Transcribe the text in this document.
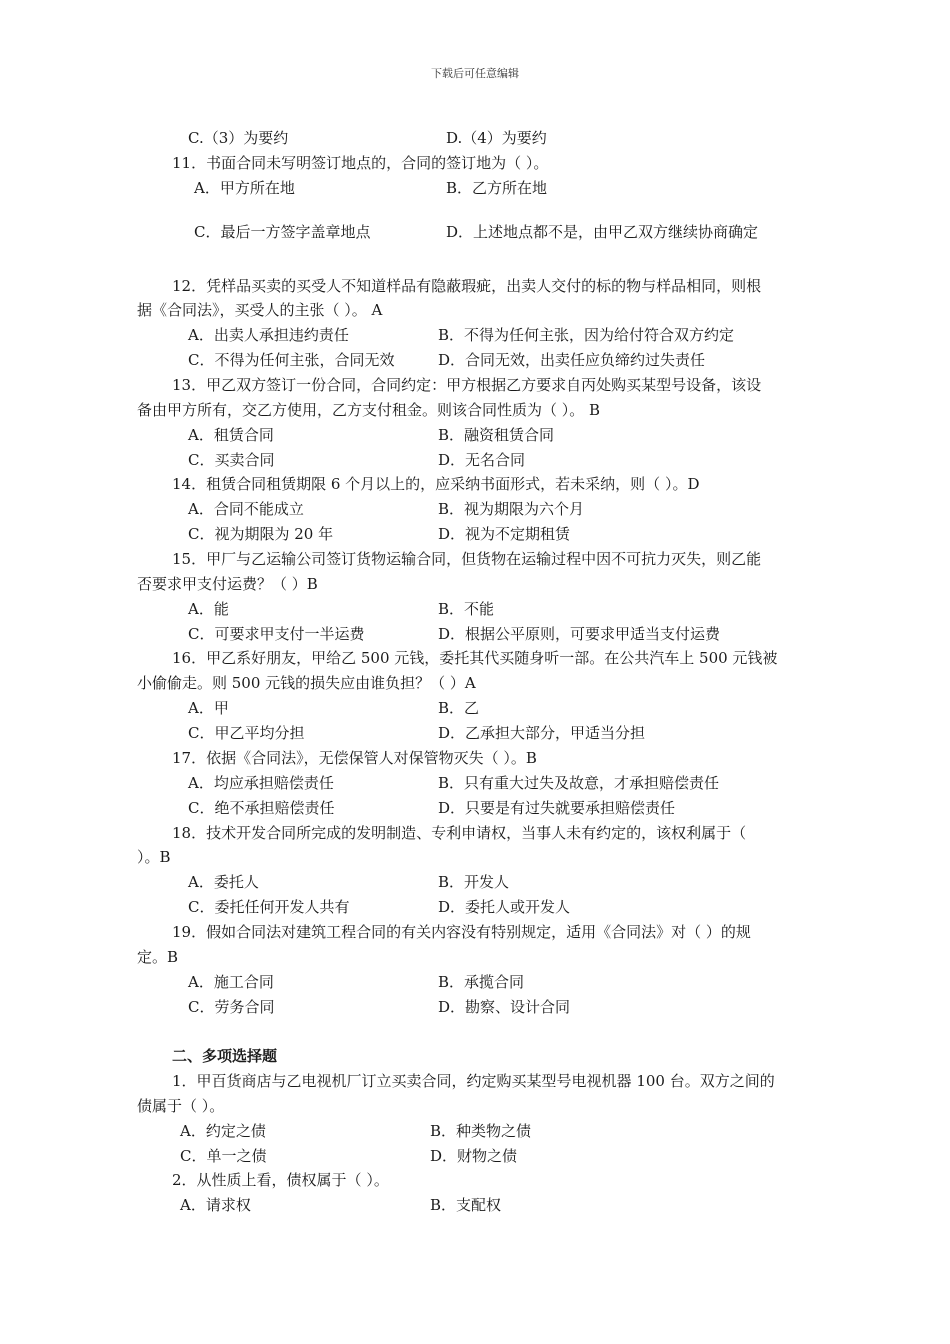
下载后可任意编辑
C.（3）为要约	D.（4）为要约
11．书面合同未写明签订地点的，合同的签订地为（ ）。
A．甲方所在地	B．乙方所在地
C．最后一方签字盖章地点	D．上述地点都不是，由甲乙双方继续协商确定
12．凭样品买卖的买受人不知道样品有隐蔽瑕疵，出卖人交付的标的物与样品相同，则根
据《合同法》，买受人的主张（ ）。 A
A．出卖人承担违约责任	B．不得为任何主张，因为给付符合双方约定
C．不得为任何主张，合同无效	D．合同无效，出卖任应负缔约过失责任
13．甲乙双方签订一份合同，合同约定：甲方根据乙方要求自丙处购买某型号设备，该设
备由甲方所有，交乙方使用，乙方支付租金。则该合同性质为（ ）。 B
A．租赁合同	B．融资租赁合同
C．买卖合同	D．无名合同
14．租赁合同租赁期限 6 个月以上的，应采纳书面形式，若未采纳，则（ ）。D
A．合同不能成立	B．视为期限为六个月
C．视为期限为 20 年	D．视为不定期租赁
15．甲厂与乙运输公司签订货物运输合同，但货物在运输过程中因不可抗力灭失，则乙能
否要求甲支付运费？（ ）B
A．能	B．不能
C．可要求甲支付一半运费	D．根据公平原则，可要求甲适当支付运费
16．甲乙系好朋友，甲给乙 500 元钱，委托其代买随身听一部。在公共汽车上 500 元钱被
小偷偷走。则 500 元钱的损失应由谁负担？（ ）A
A．甲	B．乙
C．甲乙平均分担	D．乙承担大部分，甲适当分担
17．依据《合同法》，无偿保管人对保管物灭失（ ）。B
A．均应承担赔偿责任	B．只有重大过失及故意，才承担赔偿责任
C．绝不承担赔偿责任	D．只要是有过失就要承担赔偿责任
18．技术开发合同所完成的发明制造、专利申请权，当事人未有约定的，该权利属于（
）。B
A．委托人	B．开发人
C．委托任何开发人共有	D．委托人或开发人
19．假如合同法对建筑工程合同的有关内容没有特别规定，适用《合同法》对（ ）的规
定。B
A．施工合同	B．承揽合同
C．劳务合同	D．勘察、设计合同
二、多项选择题
1．甲百货商店与乙电视机厂订立买卖合同，约定购买某型号电视机器 100 台。双方之间的
债属于（ ）。
A．约定之债	B．种类物之债
C．单一之债	D．财物之债
2．从性质上看，债权属于（ ）。
A．请求权	B．支配权
